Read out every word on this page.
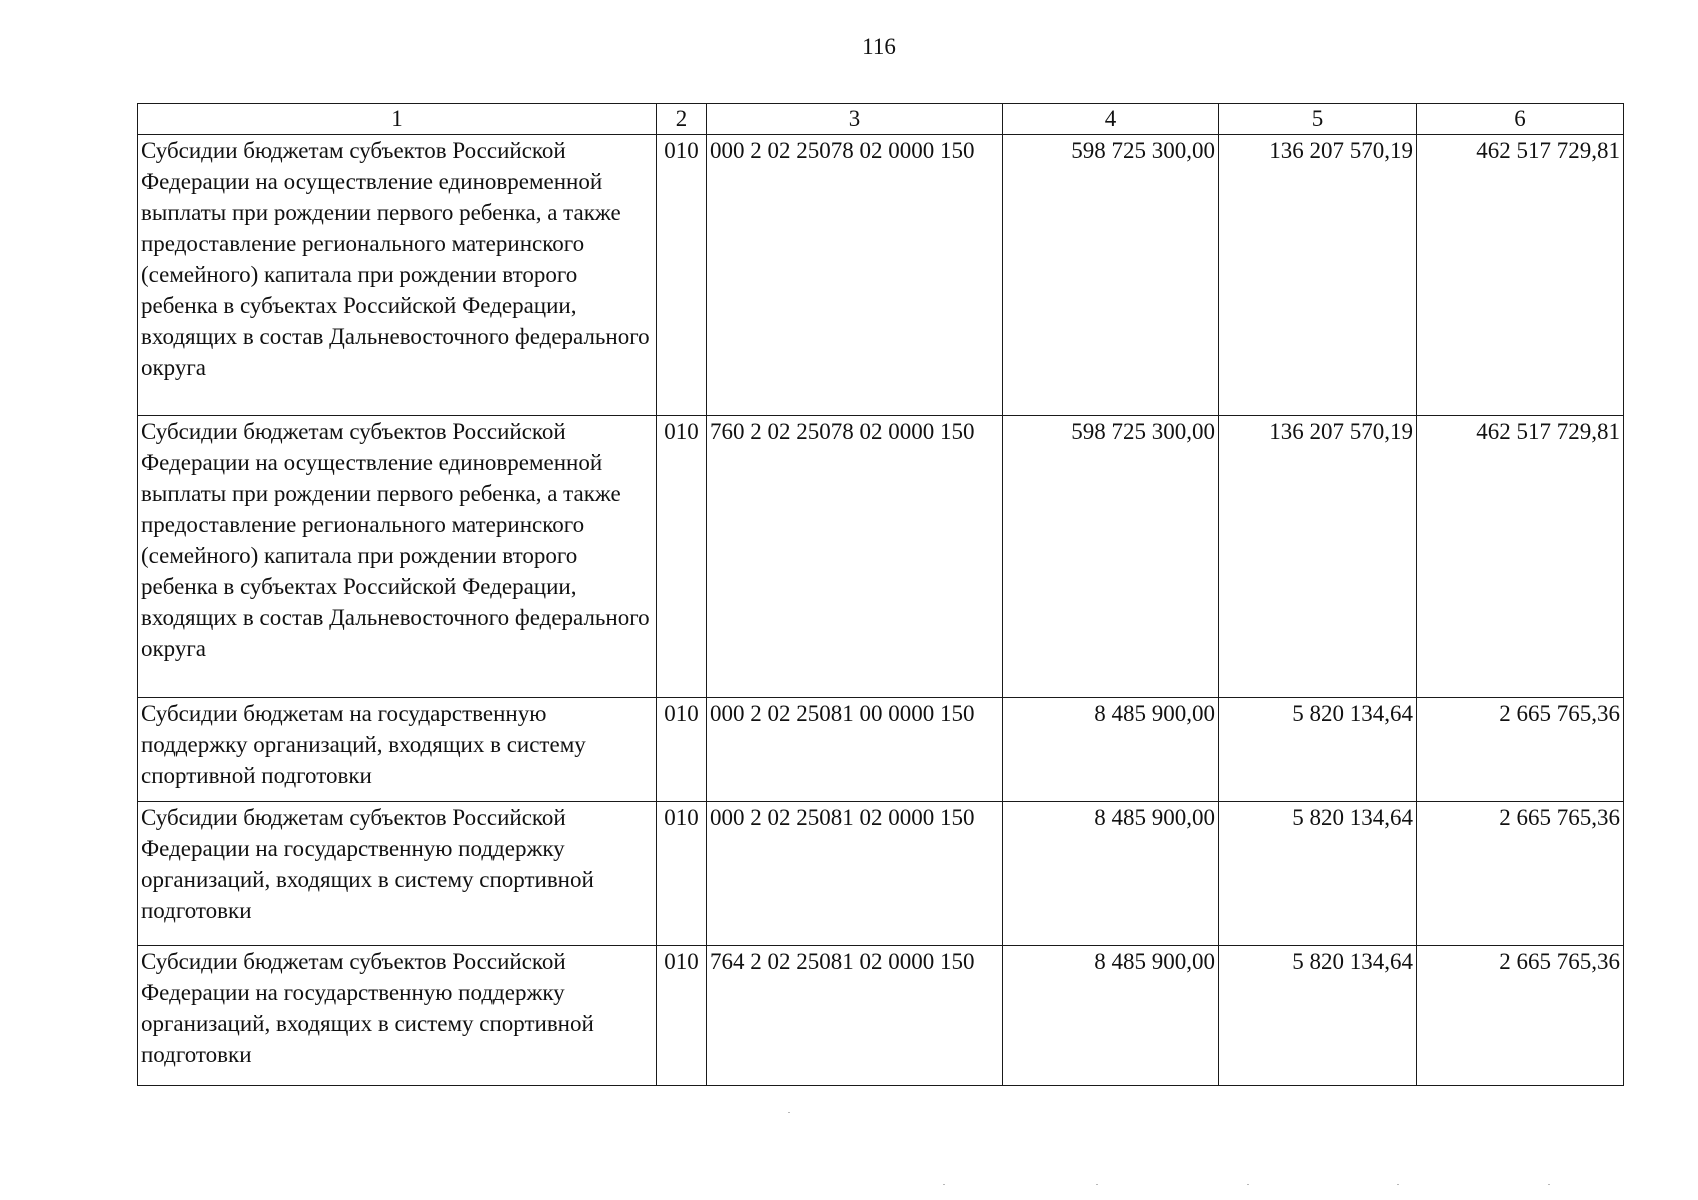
116
1	2	3	4	5	6
Субсидии бюджетам субъектов Российской Федерации на осуществление единовременной выплаты при рождении первого ребенка, а также предоставление регионального материнского (семейного) капитала при рождении второго ребенка в субъектах Российской Федерации, входящих в состав Дальневосточного федерального округа	010	000 2 02 25078 02 0000 150	598 725 300,00	136 207 570,19	462 517 729,81
Субсидии бюджетам субъектов Российской Федерации на осуществление единовременной выплаты при рождении первого ребенка, а также предоставление регионального материнского (семейного) капитала при рождении второго ребенка в субъектах Российской Федерации, входящих в состав Дальневосточного федерального округа	010	760 2 02 25078 02 0000 150	598 725 300,00	136 207 570,19	462 517 729,81
Субсидии бюджетам на государственную поддержку организаций, входящих в систему спортивной подготовки	010	000 2 02 25081 00 0000 150	8 485 900,00	5 820 134,64	2 665 765,36
Субсидии бюджетам субъектов Российской Федерации на государственную поддержку организаций, входящих в систему спортивной подготовки	010	000 2 02 25081 02 0000 150	8 485 900,00	5 820 134,64	2 665 765,36
Субсидии бюджетам субъектов Российской Федерации на государственную поддержку организаций, входящих в систему спортивной подготовки	010	764 2 02 25081 02 0000 150	8 485 900,00	5 820 134,64	2 665 765,36
